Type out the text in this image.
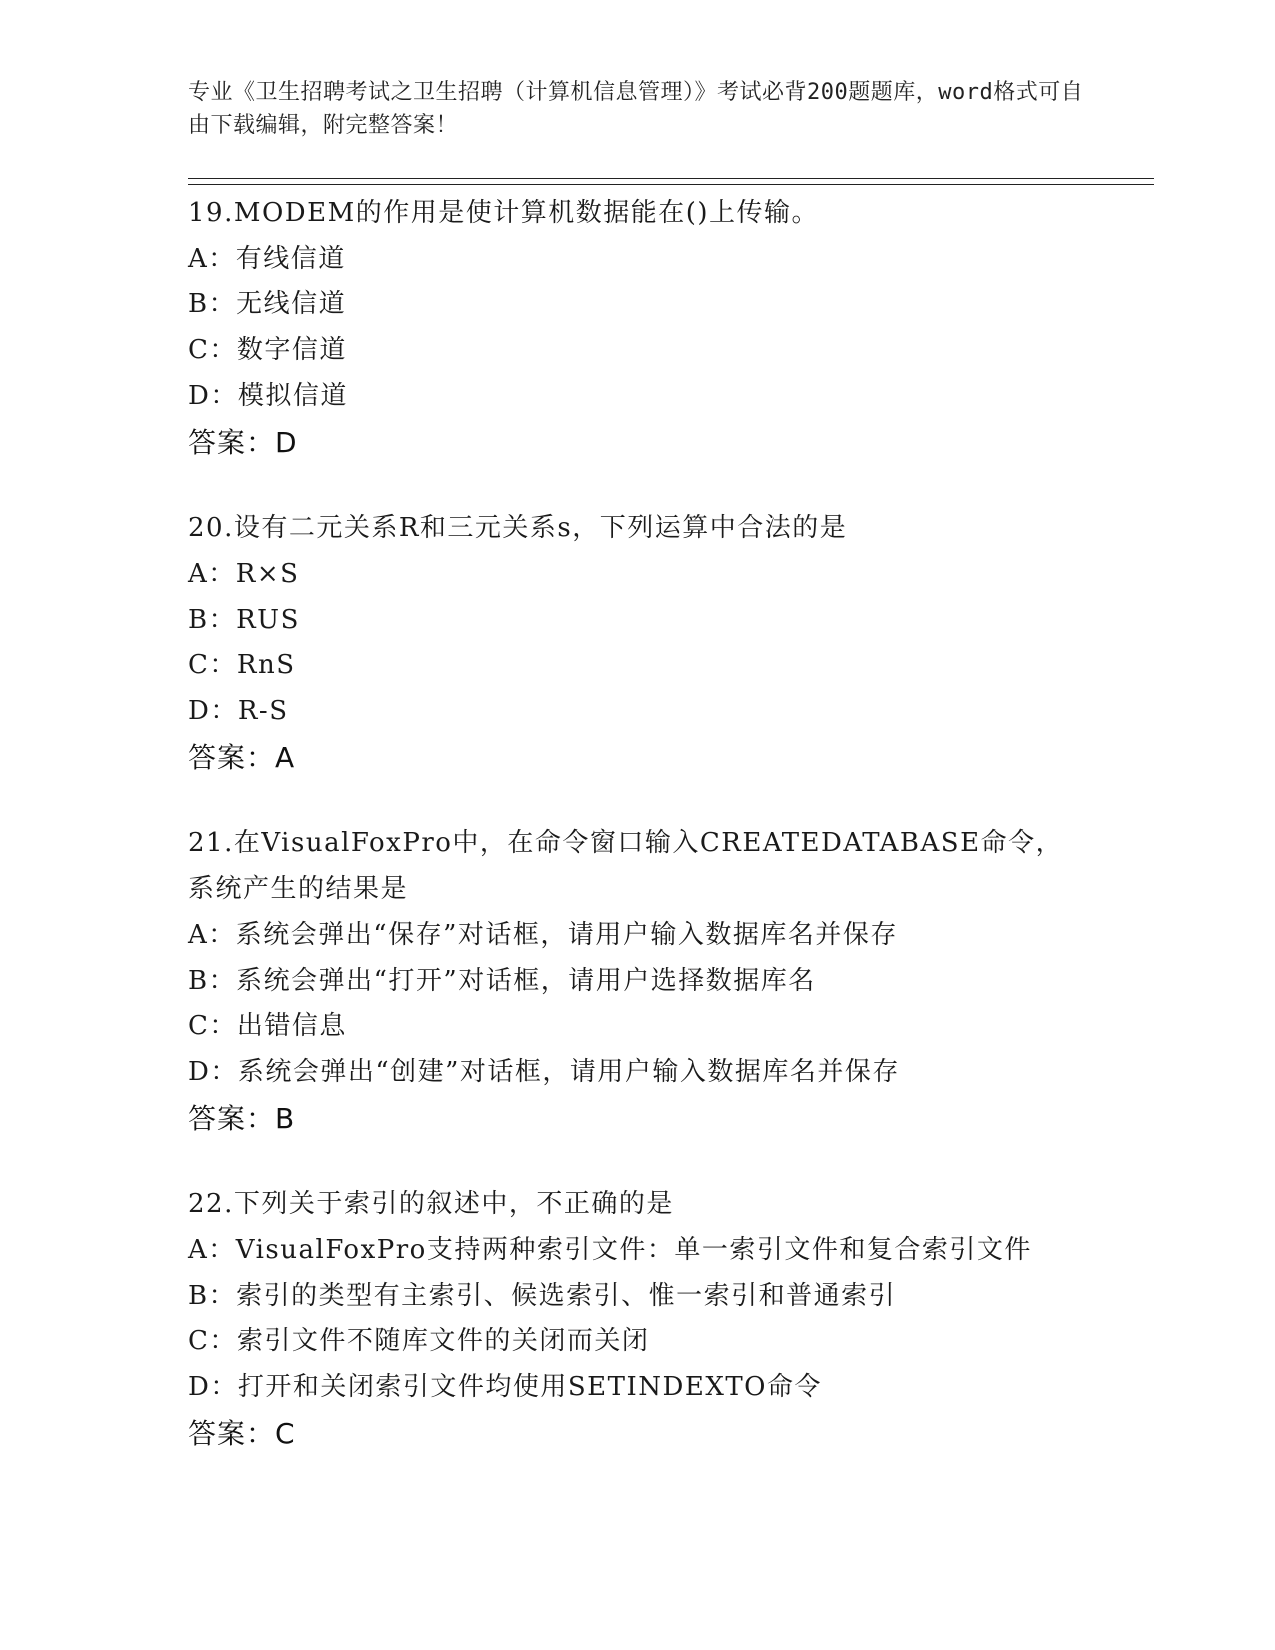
专业《卫生招聘考试之卫生招聘（计算机信息管理）》考试必背200题题库，word格式可自由下载编辑，附完整答案！
19.MODEM的作用是使计算机数据能在()上传输。
A：有线信道
B：无线信道
C：数字信道
D：模拟信道
答案：D
20.设有二元关系R和三元关系s，下列运算中合法的是
A：R×S
B：RUS
C：RnS
D：R-S
答案：A
21.在VisualFoxPro中，在命令窗口输入CREATEDATABASE命令，系统产生的结果是
A：系统会弹出“保存”对话框，请用户输入数据库名并保存
B：系统会弹出“打开”对话框，请用户选择数据库名
C：出错信息
D：系统会弹出“创建”对话框，请用户输入数据库名并保存
答案：B
22.下列关于索引的叙述中，不正确的是
A：VisualFoxPro支持两种索引文件：单一索引文件和复合索引文件
B：索引的类型有主索引、候选索引、惟一索引和普通索引
C：索引文件不随库文件的关闭而关闭
D：打开和关闭索引文件均使用SETINDEXTO命令
答案：C
